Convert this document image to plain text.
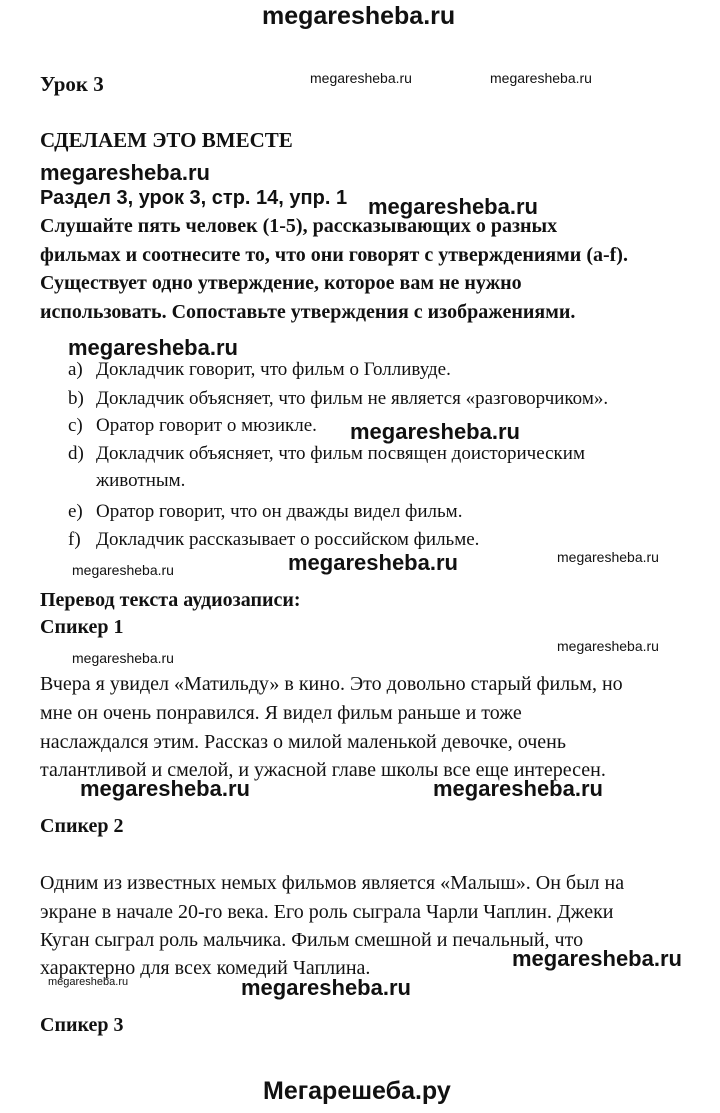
megaresheba.ru
Урок 3
СДЕЛАЕМ ЭТО ВМЕСТЕ
Раздел 3, урок 3, стр. 14, упр. 1
Слушайте пять человек (1-5), рассказывающих о разных
фильмах и соотнесите то, что они говорят с утверждениями (a-f).
Существует одно утверждение, которое вам не нужно
использовать. Сопоставьте утверждения с изображениями.
a) Докладчик говорит, что фильм о Голливуде.
b) Докладчик объясняет, что фильм не является «разговорчиком».
c) Оратор говорит о мюзикле.
d) Докладчик объясняет, что фильм посвящен доисторическим
животным.
e) Оратор говорит, что он дважды видел фильм.
f) Докладчик рассказывает о российском фильме.
Перевод текста аудиозаписи:
Спикер 1
Вчера я увидел «Матильду» в кино. Это довольно старый фильм, но
мне он очень понравился. Я видел фильм раньше и тоже
наслаждался этим. Рассказ о милой маленькой девочке, очень
талантливой и смелой, и ужасной главе школы все еще интересен.
Спикер 2
Одним из известных немых фильмов является «Малыш». Он был на
экране в начале 20-го века. Его роль сыграла Чарли Чаплин. Джеки
Куган сыграл роль мальчика. Фильм смешной и печальный, что
характерно для всех комедий Чаплина.
Спикер 3
megaresheba.ru	megaresheba.ru
megaresheba.ru
megaresheba.ru
megaresheba.ru
megaresheba.ru
megaresheba.ru
megaresheba.ru
megaresheba.ru
megaresheba.ru
megaresheba.ru
megaresheba.ru	megaresheba.ru
megaresheba.ru
megaresheba.ru
megaresheba.ru
Мегарешеба.ру
